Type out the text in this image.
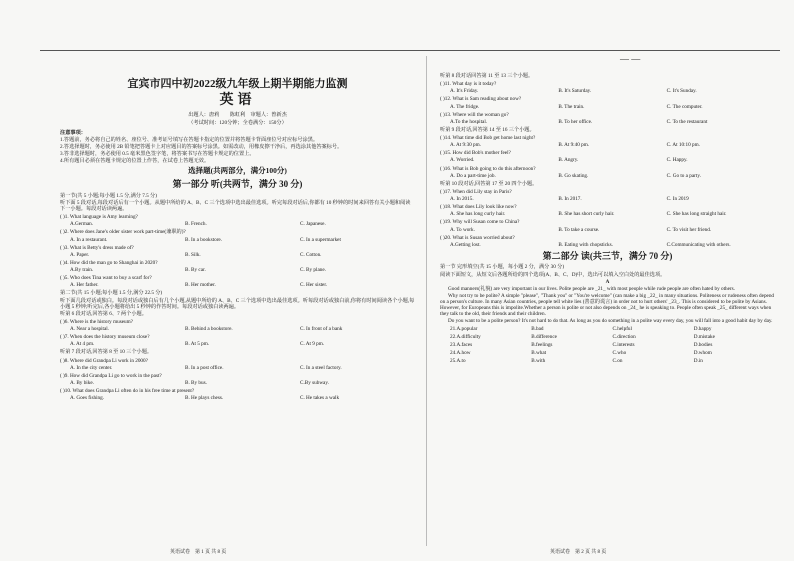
— —
宜宾市四中初2022级九年级上期半期能力监测
英语
出题人：唐莉　　陈虹利　审题人：曾新杰
（考试时间：120分钟；全卷满分：150分）
注意事项：
1.答题前，务必将自己的姓名、座位号、准考证号填写在答题卡指定的位置并将答题卡背面座位号对应标号涂黑。
2.答选择题时，务必使用 2B 铅笔把答题卡上对应题目的答案标号涂黑。如需改动，用橡皮擦干净后，再选涂其他答案标号。
3.答非选择题时，务必使用 0.5 毫米黑色签字笔，将答案书写在答题卡规定的位置上。
4.所有题目必须在答题卡规定的位置上作答，在试卷上答题无效。
选择题(共两部分，满分100分)
第一部分 听(共两节，满分 30 分)
第一节(共 5 小题;每小题 1.5 分,满分 7.5 分)
听下面 5 段对话,每段对话后有一个小题。从题中所给的 A、B、C 三个选项中选出最佳选项。听完每段对话后,你都有 10 秒钟的时间来回答有关小题和阅读下一小题。每段对话读两遍。
( )1. What language is Amy learning?
A.German.	B. French.	C. Japanese.
( )2. Where does Jane's older sister work part-time(兼职的)?
A. In a restaurant.	B. In a bookstore.	C. In a supermarket
( )3. What is Betty's dress made of?
A. Paper.	B. Silk.	C. Cotton.
( )4. How did the man go to Shanghai in 2020?
A.By train.	B. By car.	C. By plane.
( )5. Who does Tina want to buy a scarf for?
A. Her father.	B. Her mother.	C. Her sister.
第二节(共 15 小题;每小题 1.5 分,满分 22.5 分)
听下面几段对话或独白。每段对话或独白后有几个小题,从题中所给的 A、B、C 三个选项中选出最佳选项。听每段对话或独白前,你将有时间阅读各个小题,每小题 5 秒钟;听完后,各小题将给出 5 秒钟的作答时间。每段对话或独白读两遍。
听第 6 段对话,回答第 6、7 两个小题。
( )6. Where is the history museum?
A. Near a hospital.	B. Behind a bookstore.	C. In front of a bank
( )7. When does the history museum close?
A. At 4 pm.	B. At 5 pm.	C. At 9 pm.
听第 7 段对话,回答第 8 至 10 三个小题。
( )8. Where did Grandpa Li work in 2000?
A. In the city center.	B. In a post office.	C. In a steel factory.
( )9. How did Grandpa Li go to work in the past?
A. By bike.	B. By bus.	C.By subway.
( )10. What does Grandpa Li often do in his free time at present?
A. Goes fishing.	B. He plays chess.	C. He takes a walk
听第 8 段对话回答第 11 至 13 三个小题。
( )11. What day is it today?
A. It's Friday.	B. It's Saturday.	C. It's Sunday.
( )12. What is Sam reading about now?
A. The fridge.	B. The train.	C. The computer.
( )13. Where will the woman go?
A.To the hospital.	B. To her office.	C. To the restaurant
听第 9 段对话,回答第 14 至 16 三个小题。
( )14. What time did Bob get home last night?
A. At 9:30 pm.	B. At 9:40 pm.	C. At 10:10 pm.
( )15. How did Bob's mother feel?
A. Worried.	B. Angry.	C. Happy.
( )16. What is Bob going to do this afternoon?
A. Do a part-time job.	B. Go skating.	C. Go to a party.
听第 10 段对话,回答第 17 至 20 四个小题。
( )17. When did Lily stay in Paris?
A. In 2015.	B. In 2017.	C. In 2019
( )18. What does Lily look like now?
A. She has long curly hair.	B. She has short curly hair.	C. She has long straight hair.
( )19. Why will Susan come to China?
A. To work.	B. To take a course.	C. To visit her friend.
( )20. What is Susan worried about?
A.Getting lost.	B. Eating with chopsticks.	C.Communicating with others.
第二部分 读(共三节，满分 70 分)
第一节 完形填空(共 15 小题，每小题 2 分，满分 30 分)
阅读下面短文，从短文后各题所给的四个选项(A、B、C、D)中，选出可以填入空白处的最佳选项。
A
Good manners(礼貌) are very important in our lives. Polite people are _21_ with most people while rude people are often hated by others.
Why not try to be polite? A simple "please", "Thank you" or "You're welcome" (can make a big _22_ in many situations. Politeness or rudeness often depend on a person's culture. In many Asian countries, people tell white lies (善意的谎言) in order not to hurt others' _23_. This is considered to be polite by Asians. However, for Europeans this is impolite.Whether a person is polite or not also depends on _24_ he is speaking to. People often speak _25_ different ways when they talk to the old, their friends and their children.
Do you want to be a polite person? It's not hard to do that. As long as you do something in a polite way every day, you will fall into a good habit day by day.
21.A.popular	B.bad	C.helpful	D.happy
22.A.difficulty	B.difference	C.direction	D.mistake
23.A.faces	B.feelings	C.interests	D.bodies
24.A.how	B.what	C.who	D.whom
25.A.to	B.with	C.on	D.in
英语试卷　第 1 页 共 8 页	英语试卷　第 2 页 共 8 页
